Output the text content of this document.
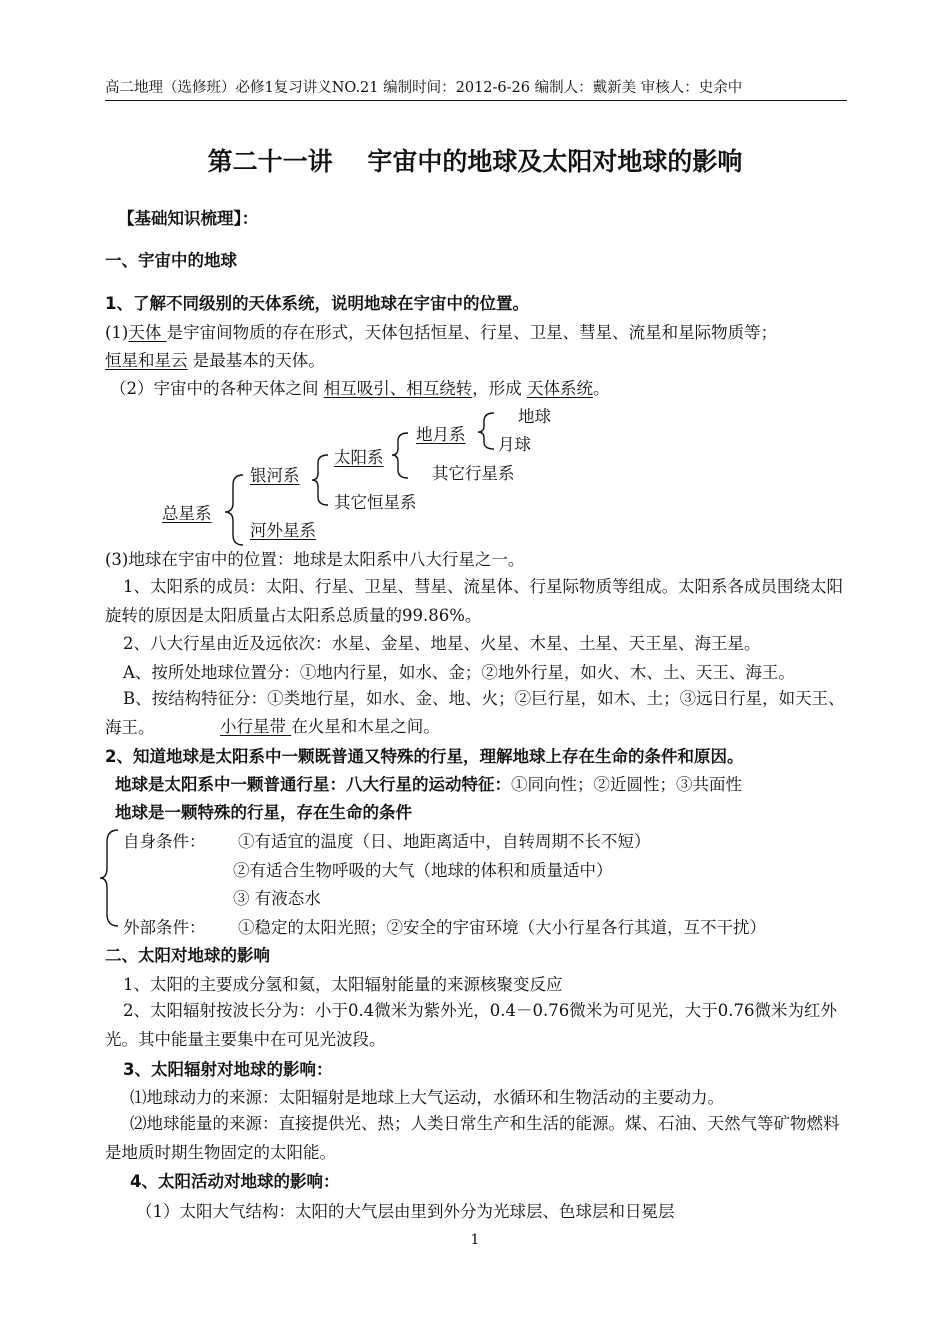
高二地理（选修班）必修1复习讲义NO.21 编制时间：2012-6-26 编制人：戴新美 审核人：史余中
第二十一讲    宇宙中的地球及太阳对地球的影响
【基础知识梳理】：
一、宇宙中的地球
1、了解不同级别的天体系统，说明地球在宇宙中的位置。
(1)天体 是宇宙间物质的存在形式，天体包括恒星、行星、卫星、彗星、流星和星际物质等；
恒星和星云 是最基本的天体。
（2）宇宙中的各种天体之间 相互吸引、相互绕转，形成 天体系统。
地球
地月系
月球
太阳系
其它行星系
银河系
其它恒星系
总星系
河外星系
(3)地球在宇宙中的位置：地球是太阳系中八大行星之一。
1、太阳系的成员：太阳、行星、卫星、彗星、流星体、行星际物质等组成。太阳系各成员围绕太阳旋转的原因是太阳质量占太阳系总质量的99.86%。
2、八大行星由近及远依次：水星、金星、地星、火星、木星、土星、天王星、海王星。
A、按所处地球位置分：①地内行星，如水、金；②地外行星，如火、木、土、天王、海王。
B、按结构特征分：①类地行星，如水、金、地、火；②巨行星，如木、土；③远日行星，如天王、海王。	小行星带 在火星和木星之间。
2、知道地球是太阳系中一颗既普通又特殊的行星，理解地球上存在生命的条件和原因。
地球是太阳系中一颗普通行星：八大行星的运动特征：①同向性；②近圆性；③共面性
地球是一颗特殊的行星，存在生命的条件
自身条件： ①有适宜的温度（日、地距离适中，自转周期不长不短）
②有适合生物呼吸的大气（地球的体积和质量适中）
③ 有液态水
外部条件： ①稳定的太阳光照；②安全的宇宙环境（大小行星各行其道，互不干扰）
二、太阳对地球的影响
1、太阳的主要成分氢和氦，太阳辐射能量的来源核聚变反应
2、太阳辐射按波长分为：小于0.4微米为紫外光，0.4－0.76微米为可见光，大于0.76微米为红外光。其中能量主要集中在可见光波段。
3、太阳辐射对地球的影响：
⑴地球动力的来源：太阳辐射是地球上大气运动，水循环和生物活动的主要动力。
⑵地球能量的来源：直接提供光、热；人类日常生产和生活的能源。煤、石油、天然气等矿物燃料是地质时期生物固定的太阳能。
4、太阳活动对地球的影响：
（1）太阳大气结构：太阳的大气层由里到外分为光球层、色球层和日冕层
1
